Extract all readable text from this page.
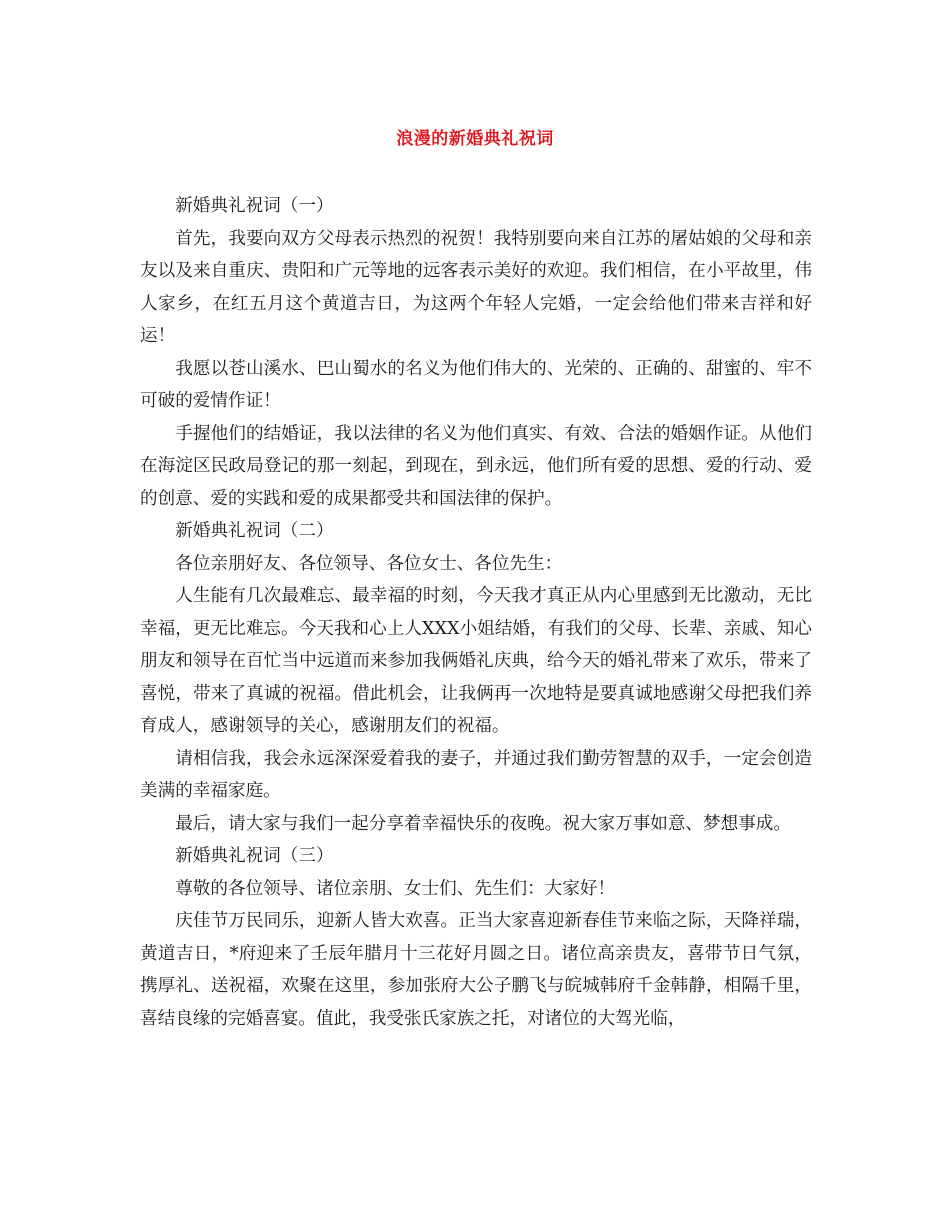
浪漫的新婚典礼祝词

新婚典礼祝词（一）

首先，我要向双方父母表示热烈的祝贺！我特别要向来自江苏的屠姑娘的父母和亲友以及来自重庆、贵阳和广元等地的远客表示美好的欢迎。我们相信，在小平故里，伟人家乡，在红五月这个黄道吉日，为这两个年轻人完婚，一定会给他们带来吉祥和好运！

我愿以苍山溪水、巴山蜀水的名义为他们伟大的、光荣的、正确的、甜蜜的、牢不可破的爱情作证！

手握他们的结婚证，我以法律的名义为他们真实、有效、合法的婚姻作证。从他们在海淀区民政局登记的那一刻起，到现在，到永远，他们所有爱的思想、爱的行动、爱的创意、爱的实践和爱的成果都受共和国法律的保护。

新婚典礼祝词（二）

各位亲朋好友、各位领导、各位女士、各位先生：

人生能有几次最难忘、最幸福的时刻，今天我才真正从内心里感到无比激动，无比幸福，更无比难忘。今天我和心上人XXX小姐结婚，有我们的父母、长辈、亲戚、知心朋友和领导在百忙当中远道而来参加我俩婚礼庆典，给今天的婚礼带来了欢乐，带来了喜悦，带来了真诚的祝福。借此机会，让我俩再一次地特是要真诚地感谢父母把我们养育成人，感谢领导的关心，感谢朋友们的祝福。

请相信我，我会永远深深爱着我的妻子，并通过我们勤劳智慧的双手，一定会创造美满的幸福家庭。

最后，请大家与我们一起分享着幸福快乐的夜晚。祝大家万事如意、梦想事成。

新婚典礼祝词（三）

尊敬的各位领导、诸位亲朋、女士们、先生们：大家好！

庆佳节万民同乐，迎新人皆大欢喜。正当大家喜迎新春佳节来临之际，天降祥瑞，黄道吉日，*府迎来了壬辰年腊月十三花好月圆之日。诸位高亲贵友，喜带节日气氛，携厚礼、送祝福，欢聚在这里，参加张府大公子鹏飞与皖城韩府千金韩静，相隔千里，喜结良缘的完婚喜宴。值此，我受张氏家族之托，对诸位的大驾光临，
